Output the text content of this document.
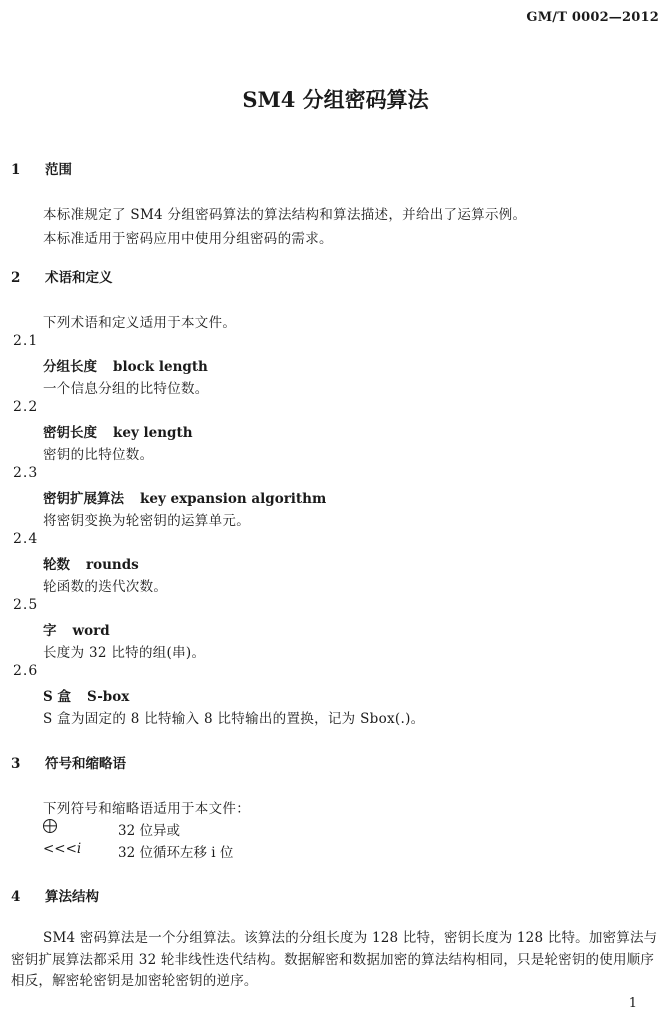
GM/T 0002—2012
SM4 分组密码算法
1 范围
本标准规定了 SM4 分组密码算法的算法结构和算法描述，并给出了运算示例。
本标准适用于密码应用中使用分组密码的需求。
2 术语和定义
下列术语和定义适用于本文件。
2.1
分组长度 block length
一个信息分组的比特位数。
2.2
密钥长度 key length
密钥的比特位数。
2.3
密钥扩展算法 key expansion algorithm
将密钥变换为轮密钥的运算单元。
2.4
轮数 rounds
轮函数的迭代次数。
2.5
字 word
长度为 32 比特的组(串)。
2.6
S 盒 S-box
S 盒为固定的 8 比特输入 8 比特输出的置换，记为 Sbox(.)。
3 符号和缩略语
下列符号和缩略语适用于本文件：
32 位异或
<<<i	32 位循环左移 i 位
4 算法结构
SM4 密码算法是一个分组算法。该算法的分组长度为 128 比特，密钥长度为 128 比特。加密算法与密钥扩展算法都采用 32 轮非线性迭代结构。数据解密和数据加密的算法结构相同，只是轮密钥的使用顺序相反，解密轮密钥是加密轮密钥的逆序。
1
